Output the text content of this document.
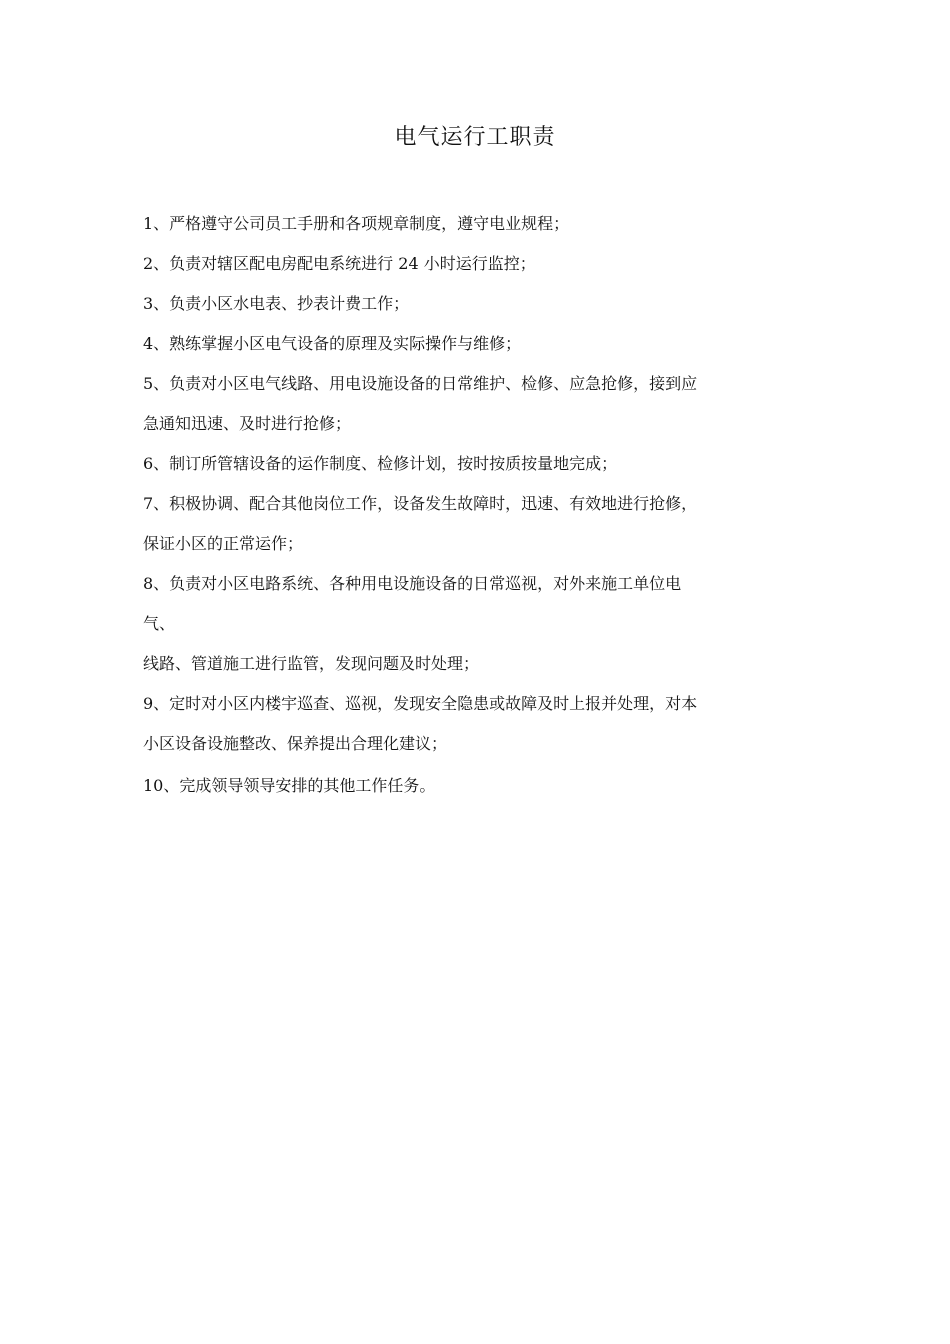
电气运行工职责
1、严格遵守公司员工手册和各项规章制度，遵守电业规程；
2、负责对辖区配电房配电系统进行 24 小时运行监控；
3、负责小区水电表、抄表计费工作；
4、熟练掌握小区电气设备的原理及实际操作与维修；
5、负责对小区电气线路、用电设施设备的日常维护、检修、应急抢修，接到应
急通知迅速、及时进行抢修；
6、制订所管辖设备的运作制度、检修计划，按时按质按量地完成；
7、积极协调、配合其他岗位工作，设备发生故障时，迅速、有效地进行抢修，
保证小区的正常运作；
8、负责对小区电路系统、各种用电设施设备的日常巡视，对外来施工单位电
气、
线路、管道施工进行监管，发现问题及时处理；
9、定时对小区内楼宇巡查、巡视，发现安全隐患或故障及时上报并处理，对本
小区设备设施整改、保养提出合理化建议；
10、完成领导领导安排的其他工作任务。
